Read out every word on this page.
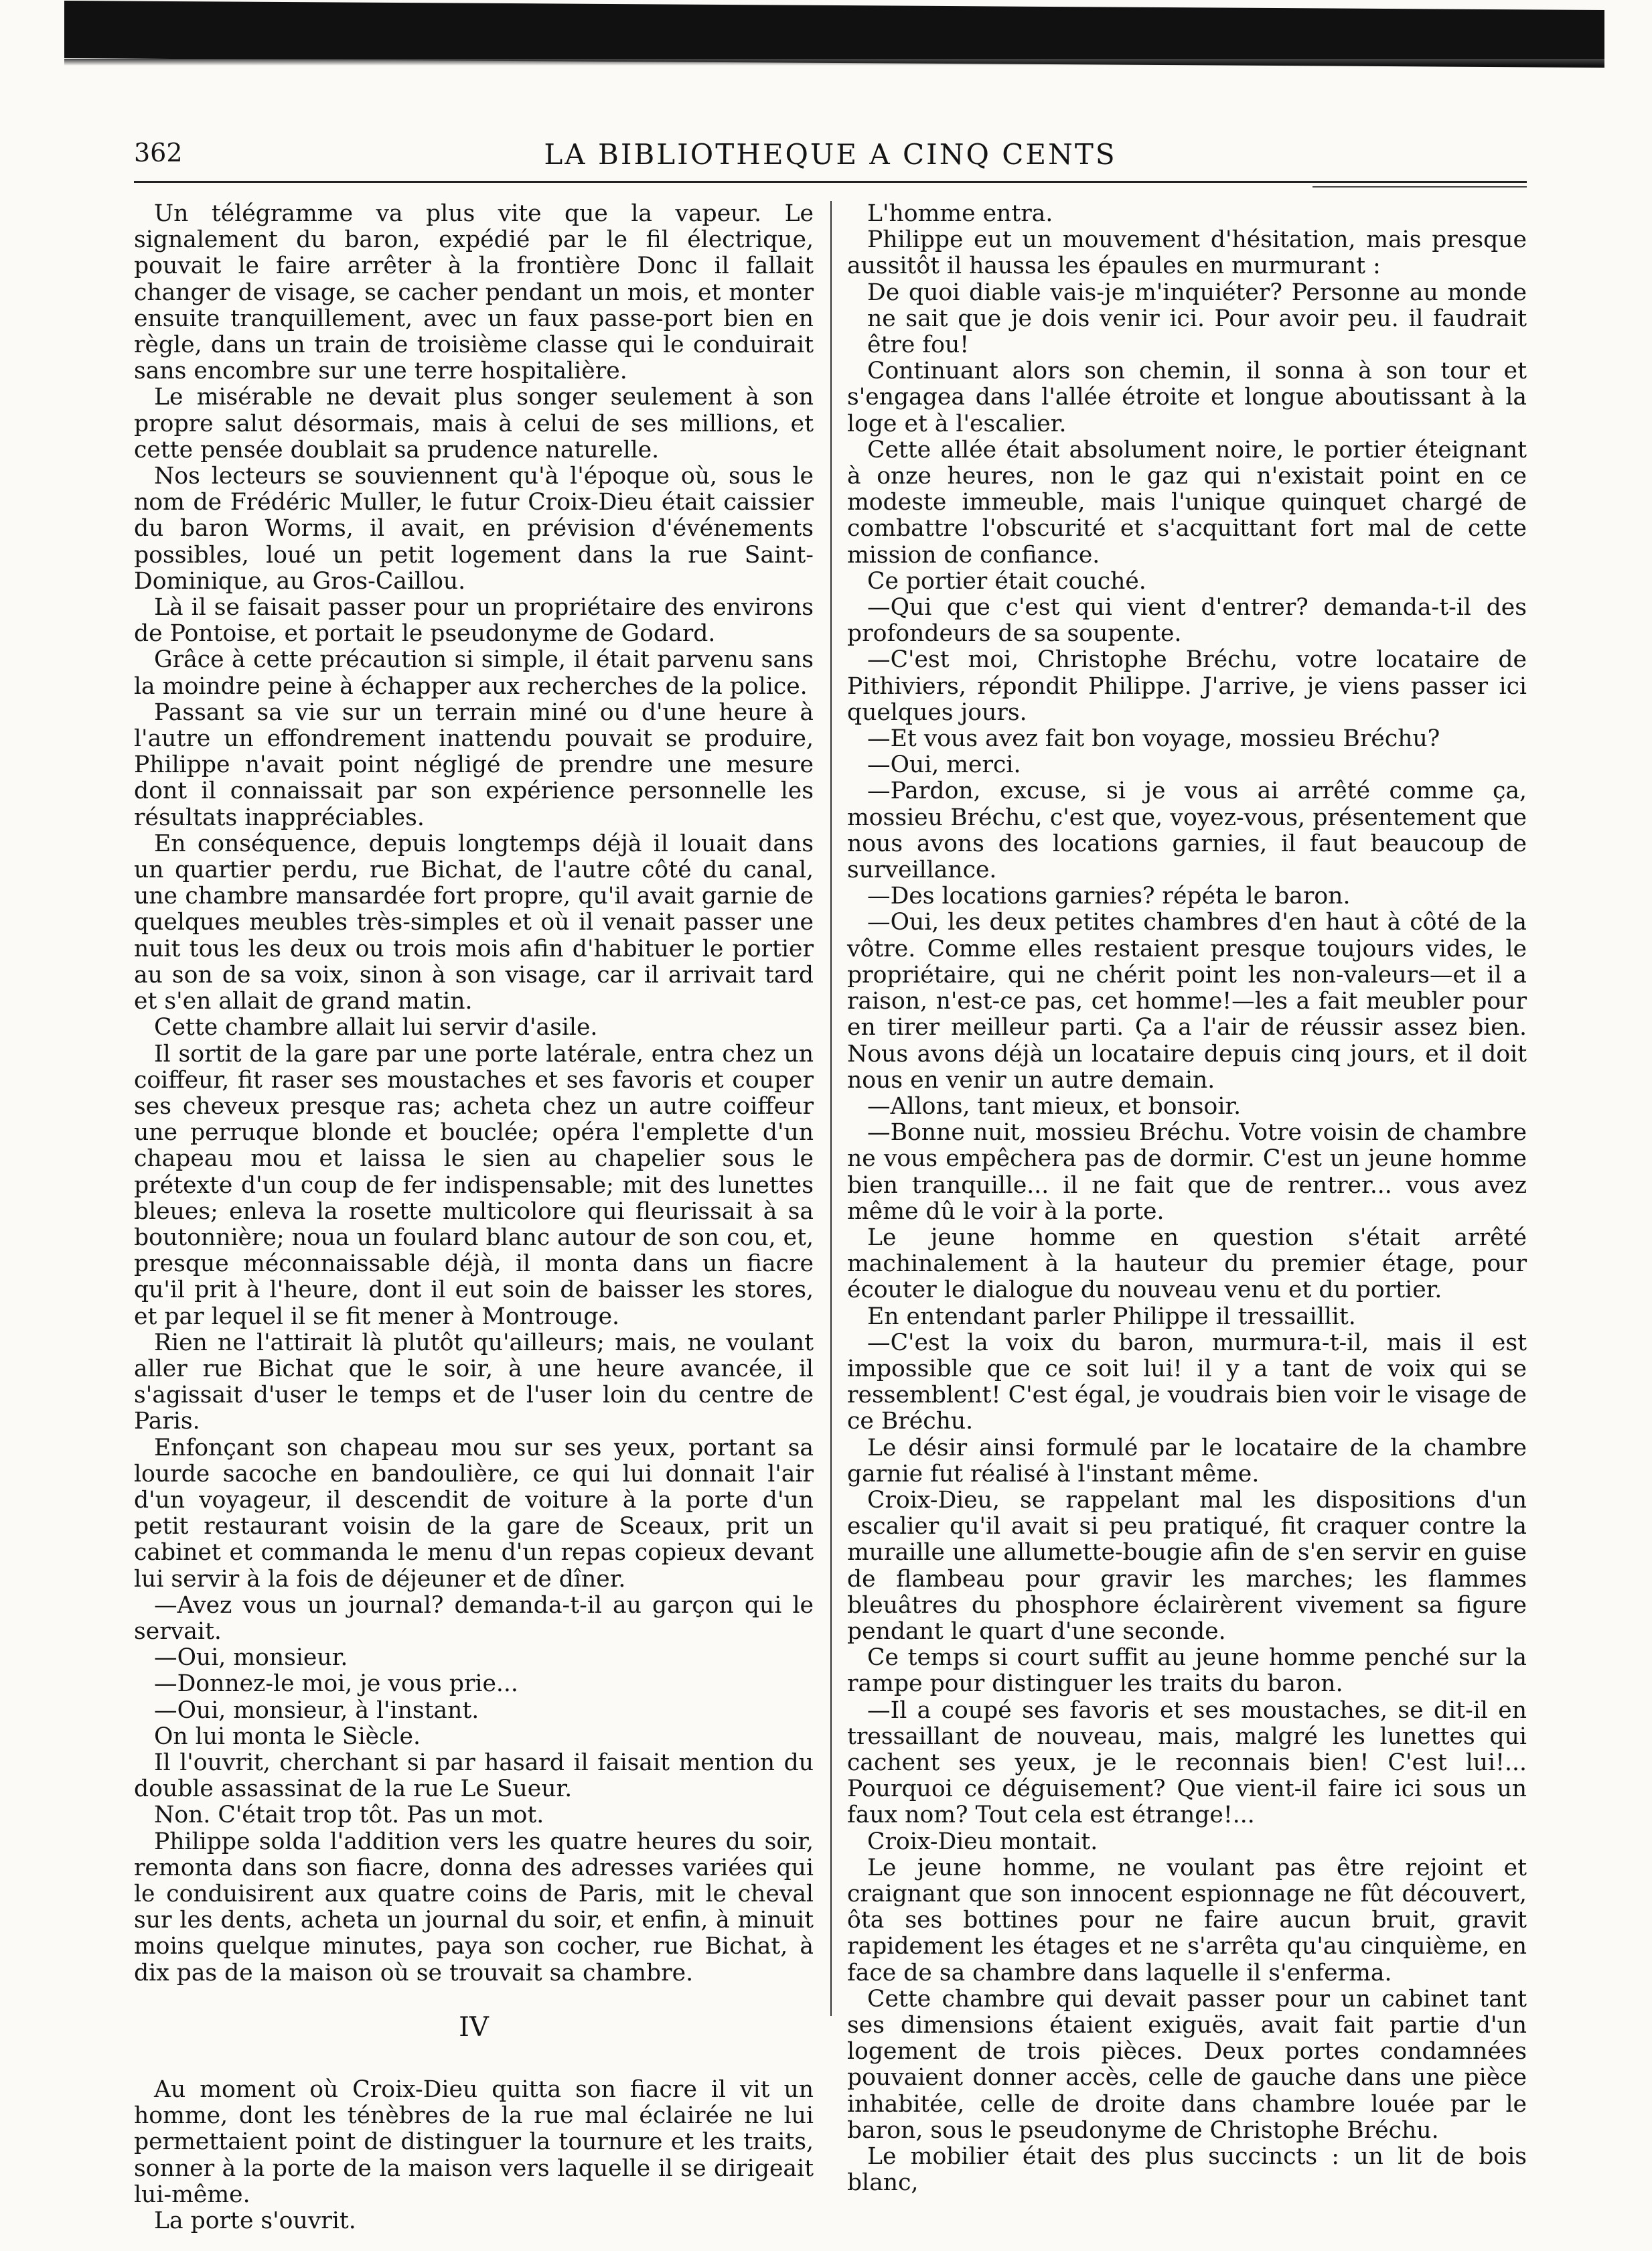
362	LA BIBLIOTHEQUE A CINQ CENTS

Un télégramme va plus vite que la vapeur. Le signalement du baron, expédié par le fil électrique, pouvait le faire arrêter à la frontière Donc il fallait changer de visage, se cacher pendant un mois, et monter ensuite tranquillement, avec un faux passe-port bien en règle, dans un train de troisième classe qui le conduirait sans encombre sur une terre hospitalière.

Le misérable ne devait plus songer seulement à son propre salut désormais, mais à celui de ses millions, et cette pensée doublait sa prudence naturelle.

Nos lecteurs se souviennent qu'à l'époque où, sous le nom de Frédéric Muller, le futur Croix-Dieu était caissier du baron Worms, il avait, en prévision d'événements possibles, loué un petit logement dans la rue Saint-Dominique, au Gros-Caillou.

Là il se faisait passer pour un propriétaire des environs de Pontoise, et portait le pseudonyme de Godard.

Grâce à cette précaution si simple, il était parvenu sans la moindre peine à échapper aux recherches de la police.

Passant sa vie sur un terrain miné ou d'une heure à l'autre un effondrement inattendu pouvait se produire, Philippe n'avait point négligé de prendre une mesure dont il connaissait par son expérience personnelle les résultats inappréciables.

En conséquence, depuis longtemps déjà il louait dans un quartier perdu, rue Bichat, de l'autre côté du canal, une chambre mansardée fort propre, qu'il avait garnie de quelques meubles très-simples et où il venait passer une nuit tous les deux ou trois mois afin d'habituer le portier au son de sa voix, sinon à son visage, car il arrivait tard et s'en allait de grand matin.

Cette chambre allait lui servir d'asile.

Il sortit de la gare par une porte latérale, entra chez un coiffeur, fit raser ses moustaches et ses favoris et couper ses cheveux presque ras; acheta chez un autre coiffeur une perruque blonde et bouclée; opéra l'emplette d'un chapeau mou et laissa le sien au chapelier sous le prétexte d'un coup de fer indispensable; mit des lunettes bleues; enleva la rosette multicolore qui fleurissait à sa boutonnière; noua un foulard blanc autour de son cou, et, presque méconnaissable déjà, il monta dans un fiacre qu'il prit à l'heure, dont il eut soin de baisser les stores, et par lequel il se fit mener à Montrouge.

Rien ne l'attirait là plutôt qu'ailleurs; mais, ne voulant aller rue Bichat que le soir, à une heure avancée, il s'agissait d'user le temps et de l'user loin du centre de Paris.

Enfonçant son chapeau mou sur ses yeux, portant sa lourde sacoche en bandoulière, ce qui lui donnait l'air d'un voyageur, il descendit de voiture à la porte d'un petit restaurant voisin de la gare de Sceaux, prit un cabinet et commanda le menu d'un repas copieux devant lui servir à la fois de déjeuner et de dîner.

—Avez vous un journal? demanda-t-il au garçon qui le servait.

—Oui, monsieur.

—Donnez-le moi, je vous prie...

—Oui, monsieur, à l'instant.

On lui monta le Siècle.

Il l'ouvrit, cherchant si par hasard il faisait mention du double assassinat de la rue Le Sueur.

Non. C'était trop tôt. Pas un mot.

Philippe solda l'addition vers les quatre heures du soir, remonta dans son fiacre, donna des adresses variées qui le conduisirent aux quatre coins de Paris, mit le cheval sur les dents, acheta un journal du soir, et enfin, à minuit moins quelque minutes, paya son cocher, rue Bichat, à dix pas de la maison où se trouvait sa chambre.

IV

Au moment où Croix-Dieu quitta son fiacre il vit un homme, dont les ténèbres de la rue mal éclairée ne lui permettaient point de distinguer la tournure et les traits, sonner à la porte de la maison vers laquelle il se dirigeait lui-même.

La porte s'ouvrit.

L'homme entra.

Philippe eut un mouvement d'hésitation, mais presque aussitôt il haussa les épaules en murmurant :

De quoi diable vais-je m'inquiéter? Personne au monde ne sait que je dois venir ici. Pour avoir peu. il faudrait être fou!

Continuant alors son chemin, il sonna à son tour et s'engagea dans l'allée étroite et longue aboutissant à la loge et à l'escalier.

Cette allée était absolument noire, le portier éteignant à onze heures, non le gaz qui n'existait point en ce modeste immeuble, mais l'unique quinquet chargé de combattre l'obscurité et s'acquittant fort mal de cette mission de confiance.

Ce portier était couché.

—Qui que c'est qui vient d'entrer? demanda-t-il des profondeurs de sa soupente.

—C'est moi, Christophe Bréchu, votre locataire de Pithiviers, répondit Philippe. J'arrive, je viens passer ici quelques jours.

—Et vous avez fait bon voyage, mossieu Bréchu?

—Oui, merci.

—Pardon, excuse, si je vous ai arrêté comme ça, mossieu Bréchu, c'est que, voyez-vous, présentement que nous avons des locations garnies, il faut beaucoup de surveillance.

—Des locations garnies? répéta le baron.

—Oui, les deux petites chambres d'en haut à côté de la vôtre. Comme elles restaient presque toujours vides, le propriétaire, qui ne chérit point les non-valeurs—et il a raison, n'est-ce pas, cet homme!—les a fait meubler pour en tirer meilleur parti. Ça a l'air de réussir assez bien. Nous avons déjà un locataire depuis cinq jours, et il doit nous en venir un autre demain.

—Allons, tant mieux, et bonsoir.

—Bonne nuit, mossieu Bréchu. Votre voisin de chambre ne vous empêchera pas de dormir. C'est un jeune homme bien tranquille... il ne fait que de rentrer... vous avez même dû le voir à la porte.

Le jeune homme en question s'était arrêté machinalement à la hauteur du premier étage, pour écouter le dialogue du nouveau venu et du portier.

En entendant parler Philippe il tressaillit.

—C'est la voix du baron, murmura-t-il, mais il est impossible que ce soit lui! il y a tant de voix qui se ressemblent! C'est égal, je voudrais bien voir le visage de ce Bréchu.

Le désir ainsi formulé par le locataire de la chambre garnie fut réalisé à l'instant même.

Croix-Dieu, se rappelant mal les dispositions d'un escalier qu'il avait si peu pratiqué, fit craquer contre la muraille une allumette-bougie afin de s'en servir en guise de flambeau pour gravir les marches; les flammes bleuâtres du phosphore éclairèrent vivement sa figure pendant le quart d'une seconde.

Ce temps si court suffit au jeune homme penché sur la rampe pour distinguer les traits du baron.

—Il a coupé ses favoris et ses moustaches, se dit-il en tressaillant de nouveau, mais, malgré les lunettes qui cachent ses yeux, je le reconnais bien! C'est lui!... Pourquoi ce déguisement? Que vient-il faire ici sous un faux nom? Tout cela est étrange!...

Croix-Dieu montait.

Le jeune homme, ne voulant pas être rejoint et craignant que son innocent espionnage ne fût découvert, ôta ses bottines pour ne faire aucun bruit, gravit rapidement les étages et ne s'arrêta qu'au cinquième, en face de sa chambre dans laquelle il s'enferma.

Cette chambre qui devait passer pour un cabinet tant ses dimensions étaient exiguës, avait fait partie d'un logement de trois pièces. Deux portes condamnées pouvaient donner accès, celle de gauche dans une pièce inhabitée, celle de droite dans chambre louée par le baron, sous le pseudonyme de Christophe Bréchu.

Le mobilier était des plus succincts : un lit de bois blanc,
